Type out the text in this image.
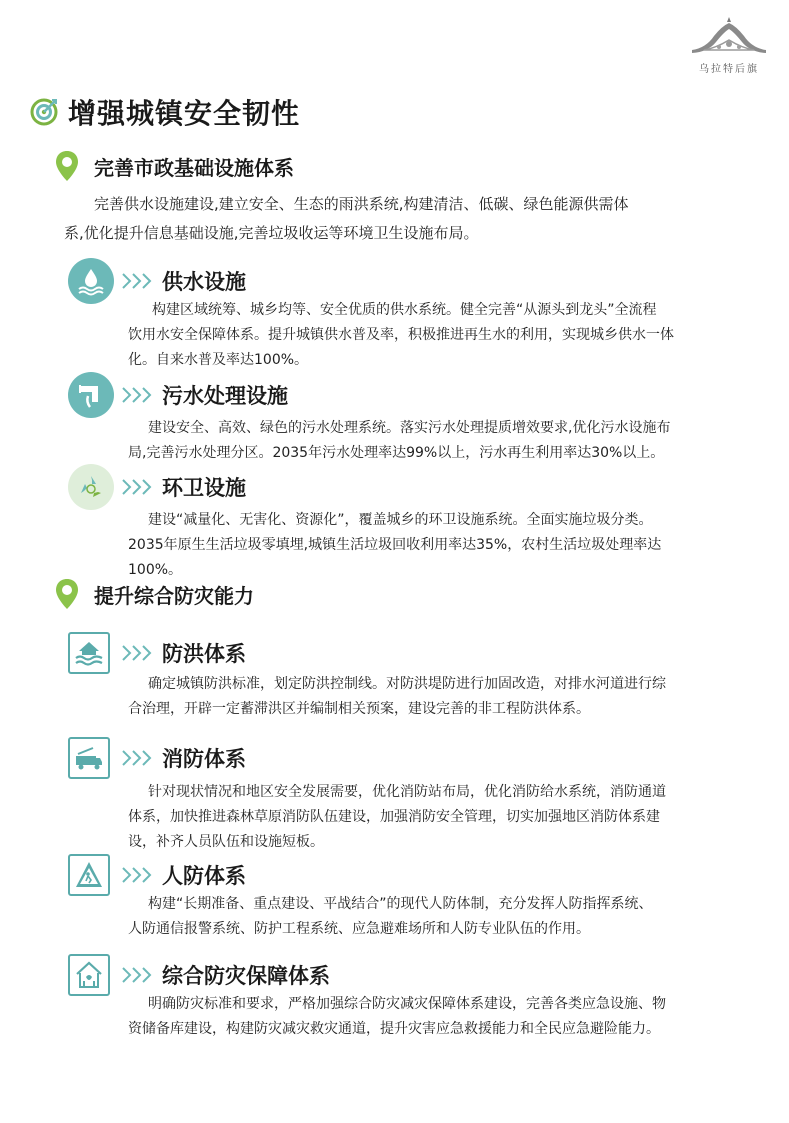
乌拉特后旗
增强城镇安全韧性
完善市政基础设施体系
完善供水设施建设,建立安全、生态的雨洪系统,构建清洁、低碳、绿色能源供需体
系,优化提升信息基础设施,完善垃圾收运等环境卫生设施布局。
供水设施
构建区域统筹、城乡均等、安全优质的供水系统。健全完善“从源头到龙头”全流程
饮用水安全保障体系。提升城镇供水普及率，积极推进再生水的利用，实现城乡供水一体
化。自来水普及率达100%。
污水处理设施
建设安全、高效、绿色的污水处理系统。落实污水处理提质增效要求,优化污水设施布
局,完善污水处理分区。2035年污水处理率达99%以上，污水再生利用率达30%以上。
环卫设施
建设“减量化、无害化、资源化”，覆盖城乡的环卫设施系统。全面实施垃圾分类。
2035年原生生活垃圾零填埋,城镇生活垃圾回收利用率达35%，农村生活垃圾处理率达
100%。
提升综合防灾能力
防洪体系
确定城镇防洪标准，划定防洪控制线。对防洪堤防进行加固改造，对排水河道进行综
合治理，开辟一定蓄滞洪区并编制相关预案，建设完善的非工程防洪体系。
消防体系
针对现状情况和地区安全发展需要，优化消防站布局，优化消防给水系统，消防通道
体系，加快推进森林草原消防队伍建设，加强消防安全管理，切实加强地区消防体系建
设，补齐人员队伍和设施短板。
人防体系
构建“长期准备、重点建设、平战结合”的现代人防体制，充分发挥人防指挥系统、
人防通信报警系统、防护工程系统、应急避难场所和人防专业队伍的作用。
综合防灾保障体系
明确防灾标准和要求，严格加强综合防灾减灾保障体系建设，完善各类应急设施、物
资储备库建设，构建防灾减灾救灾通道，提升灾害应急救援能力和全民应急避险能力。
